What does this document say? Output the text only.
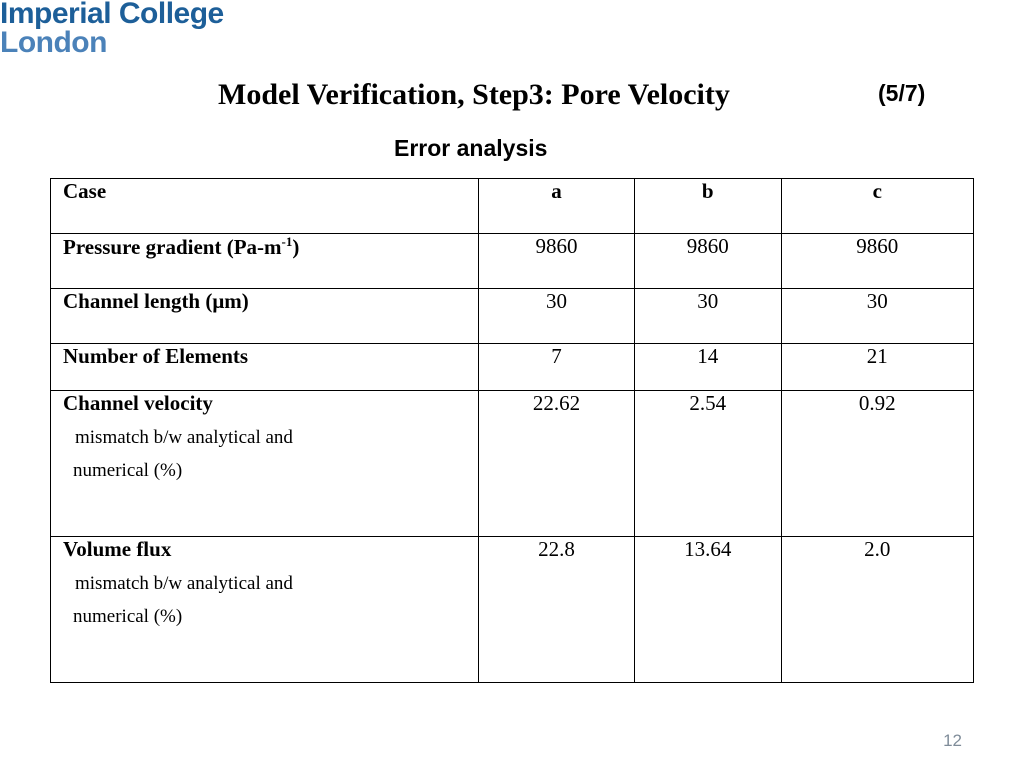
Imperial College
London
Model Verification, Step3: Pore Velocity	(5/7)
Error analysis
Case	a	b	c
Pressure gradient $(Pa-m^{-1})$	9860	9860	9860
Channel length (μm)	30	30	30
Number of Elements	7	14	21
Channel velocity
mismatch b/w analytical and
numerical (%)	22.62	2.54	0.92
Volume flux
mismatch b/w analytical and
numerical (%)	22.8	13.64	2.0
12
